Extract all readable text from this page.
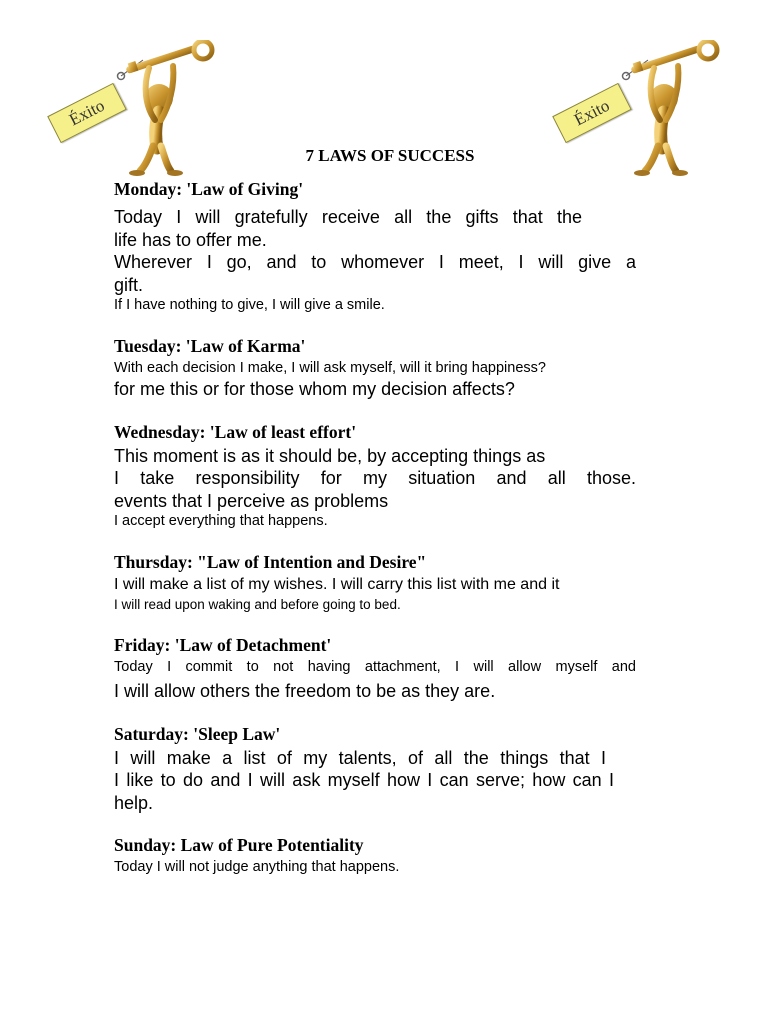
Éxito	Éxito
7 LAWS OF SUCCESS
Monday: 'Law of Giving'
Today I will gratefully receive all the gifts that the
life has to offer me.
Wherever I go, and to whomever I meet, I will give a
gift.
If I have nothing to give, I will give a smile.
Tuesday: 'Law of Karma'
With each decision I make, I will ask myself, will it bring happiness?
for me this or for those whom my decision affects?
Wednesday: 'Law of least effort'
This moment is as it should be, by accepting things as
I take responsibility for my situation and all those.
events that I perceive as problems
I accept everything that happens.
Thursday: "Law of Intention and Desire"
I will make a list of my wishes. I will carry this list with me and it
I will read upon waking and before going to bed.
Friday: 'Law of Detachment'
Today I commit to not having attachment, I will allow myself and
I will allow others the freedom to be as they are.
Saturday: 'Sleep Law'
I will make a list of my talents, of all the things that I
I like to do and I will ask myself how I can serve; how can I
help.
Sunday: Law of Pure Potentiality
Today I will not judge anything that happens.
